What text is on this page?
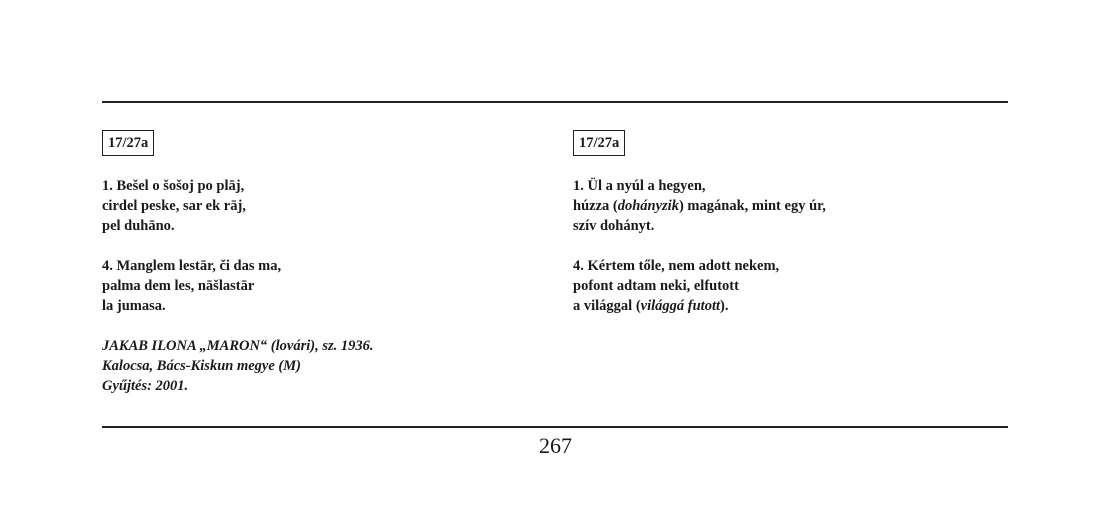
17/27a

1. Bešel o šošoj po plāj,
cirdel peske, sar ek rāj,
pel duhāno.

4. Manglem lestār, či das ma,
palma dem les, nāšlastār
la jumasa.

JAKAB ILONA „MARON“ (lovári), sz. 1936.
Kalocsa, Bács-Kiskun megye (M)
Gyűjtés: 2001.
17/27a

1. Ül a nyúl a hegyen,
húzza (dohányzik) magának, mint egy úr,
szív dohányt.

4. Kértem tőle, nem adott nekem,
pofont adtam neki, elfutott
a világgal (világgá futott).

267
